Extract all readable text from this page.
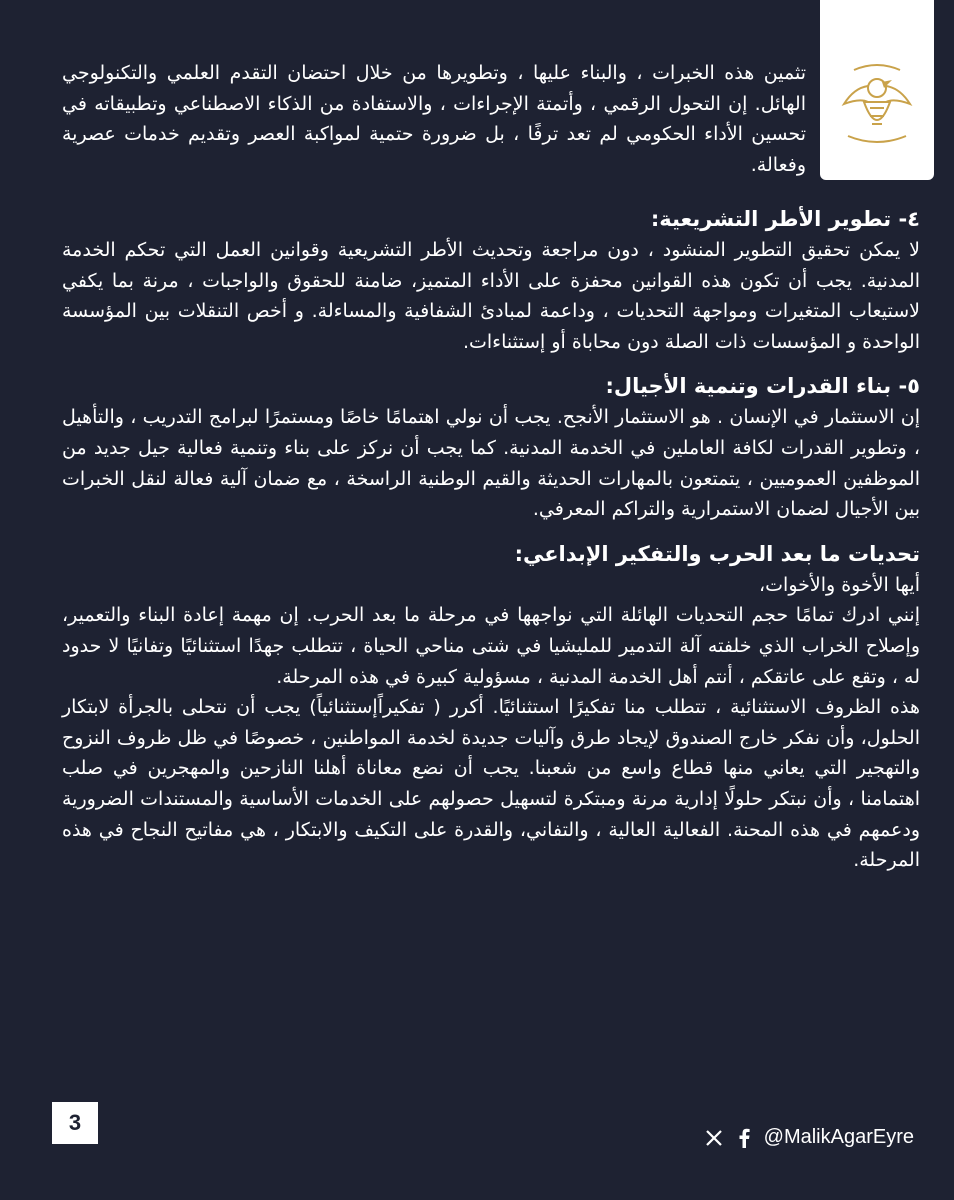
تثمين هذه الخبرات ، والبناء عليها ، وتطويرها من خلال احتضان التقدم العلمي والتكنولوجي الهائل. إن التحول الرقمي ، وأتمتة الإجراءات ، والاستفادة من الذكاء الاصطناعي وتطبيقاته في تحسين الأداء الحكومي لم تعد ترفًا ، بل ضرورة حتمية لمواكبة العصر وتقديم خدمات عصرية وفعالة.

٤- تطوير الأطر التشريعية:

لا يمكن تحقيق التطوير المنشود ، دون مراجعة وتحديث الأطر التشريعية وقوانين العمل التي تحكم الخدمة المدنية. يجب أن تكون هذه القوانين محفزة على الأداء المتميز، ضامنة للحقوق والواجبات ، مرنة بما يكفي لاستيعاب المتغيرات ومواجهة التحديات ، وداعمة لمبادئ الشفافية والمساءلة. و أخص التنقلات بين المؤسسة الواحدة و المؤسسات ذات الصلة دون محاباة أو إستثناءات.

٥- بناء القدرات وتنمية الأجيال:

إن الاستثمار في الإنسان . هو الاستثمار الأنجح. يجب أن نولي اهتمامًا خاصًا ومستمرًا لبرامج التدريب ، والتأهيل ، وتطوير القدرات لكافة العاملين في الخدمة المدنية. كما يجب أن نركز على بناء وتنمية فعالية جيل جديد من الموظفين العموميين ، يتمتعون بالمهارات الحديثة والقيم الوطنية الراسخة ، مع ضمان آلية فعالة لنقل الخبرات بين الأجيال لضمان الاستمرارية والتراكم المعرفي.

تحديات ما بعد الحرب والتفكير الإبداعي:

أيها الأخوة والأخوات،

إنني ادرك تمامًا حجم التحديات الهائلة التي نواجهها في مرحلة ما بعد الحرب. إن مهمة إعادة البناء والتعمير، وإصلاح الخراب الذي خلفته آلة التدمير للمليشيا في شتى مناحي الحياة ، تتطلب جهدًا استثنائيًا وتفانيًا لا حدود له ، وتقع على عاتقكم ، أنتم أهل الخدمة المدنية ، مسؤولية كبيرة في هذه المرحلة.

هذه الظروف الاستثنائية ، تتطلب منا تفكيرًا استثنائيًا. أكرر ( تفكيراًإستثنائياً) يجب أن نتحلى بالجرأة لابتكار الحلول، وأن نفكر خارج الصندوق لإيجاد طرق وآليات جديدة لخدمة المواطنين ، خصوصًا في ظل ظروف النزوح والتهجير التي يعاني منها قطاع واسع من شعبنا. يجب أن نضع معاناة أهلنا النازحين والمهجرين في صلب اهتمامنا ، وأن نبتكر حلولًا إدارية مرنة ومبتكرة لتسهيل حصولهم على الخدمات الأساسية والمستندات الضرورية ودعمهم في هذه المحنة. الفعالية العالية ، والتفاني، والقدرة على التكيف والابتكار ، هي مفاتيح النجاح في هذه المرحلة.

3
@MalikAgarEyre
